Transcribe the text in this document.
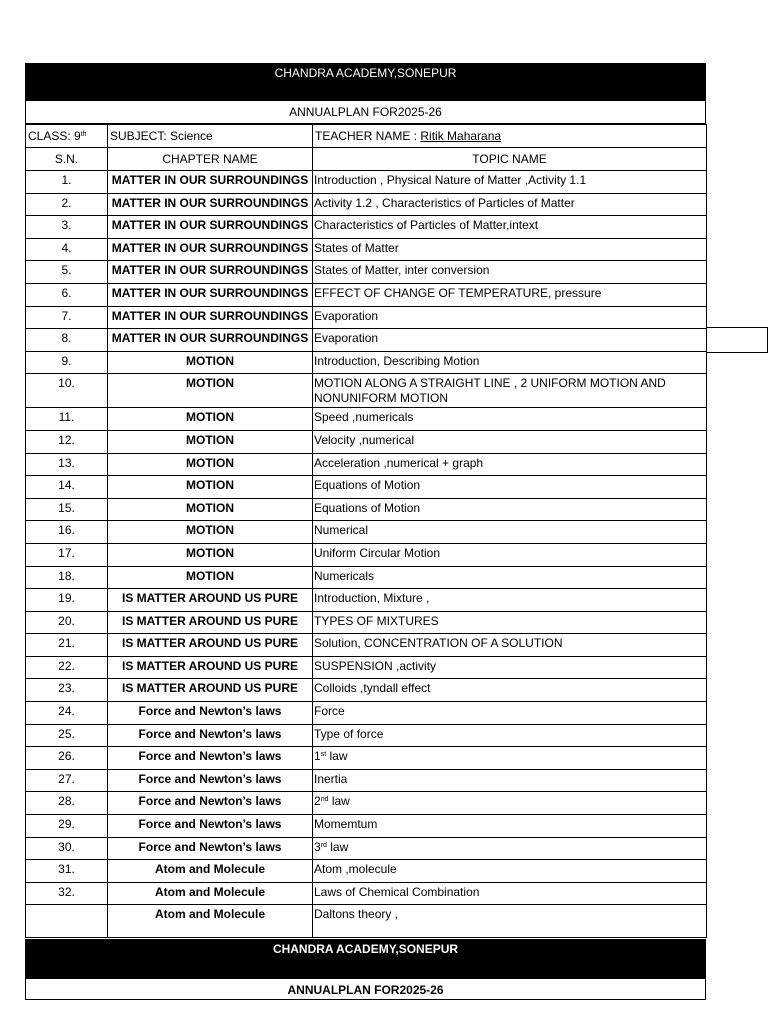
CHANDRA ACADEMY,SONEPUR
ANNUALPLAN FOR2025-26
CLASS: 9th	SUBJECT: Science	TEACHER NAME : Ritik Maharana
S.N.	CHAPTER NAME	TOPIC NAME
1.	MATTER IN OUR SURROUNDINGS	Introduction , Physical Nature of Matter ,Activity 1.1
2.	MATTER IN OUR SURROUNDINGS	Activity 1.2 , Characteristics of Particles of Matter
3.	MATTER IN OUR SURROUNDINGS	Characteristics of Particles of Matter,intext
4.	MATTER IN OUR SURROUNDINGS	States of Matter
5.	MATTER IN OUR SURROUNDINGS	States of Matter, inter conversion
6.	MATTER IN OUR SURROUNDINGS	EFFECT OF CHANGE OF TEMPERATURE, pressure
7.	MATTER IN OUR SURROUNDINGS	Evaporation
8.	MATTER IN OUR SURROUNDINGS	Evaporation
9.	MOTION	Introduction, Describing Motion
10.	MOTION	MOTION ALONG A STRAIGHT LINE , 2 UNIFORM MOTION AND NONUNIFORM MOTION
11.	MOTION	Speed ,numericals
12.	MOTION	Velocity ,numerical
13.	MOTION	Acceleration ,numerical + graph
14.	MOTION	Equations of Motion
15.	MOTION	Equations of Motion
16.	MOTION	Numerical
17.	MOTION	Uniform Circular Motion
18.	MOTION	Numericals
19.	IS MATTER AROUND US PURE	Introduction, Mixture ,
20.	IS MATTER AROUND US PURE	TYPES OF MIXTURES
21.	IS MATTER AROUND US PURE	Solution, CONCENTRATION OF A SOLUTION
22.	IS MATTER AROUND US PURE	SUSPENSION ,activity
23.	IS MATTER AROUND US PURE	Colloids ,tyndall effect
24.	Force and Newton’s laws	Force
25.	Force and Newton’s laws	Type of force
26.	Force and Newton’s laws	1st law
27.	Force and Newton’s laws	Inertia
28.	Force and Newton’s laws	2nd law
29.	Force and Newton’s laws	Momemtum
30.	Force and Newton’s laws	3rd law
31.	Atom and Molecule	Atom ,molecule
32.	Atom and Molecule	Laws of Chemical Combination
	Atom and Molecule	Daltons theory ,
CHANDRA ACADEMY,SONEPUR
ANNUALPLAN FOR2025-26
